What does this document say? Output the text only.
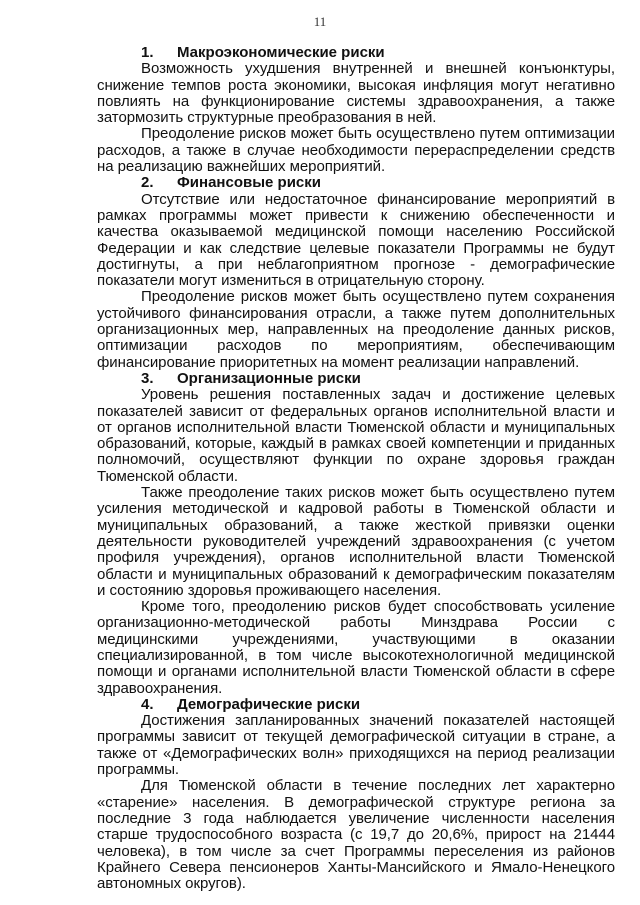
11

1. Макроэкономические риски

Возможность ухудшения внутренней и внешней конъюнктуры, снижение темпов роста экономики, высокая инфляция могут негативно повлиять на функционирование системы здравоохранения, а также затормозить структурные преобразования в ней.

Преодоление рисков может быть осуществлено путем оптимизации расходов, а также в случае необходимости перераспределении средств на реализацию важнейших мероприятий.

2. Финансовые риски

Отсутствие или недостаточное финансирование мероприятий в рамках программы может привести к снижению обеспеченности и качества оказываемой медицинской помощи населению Российской Федерации и как следствие целевые показатели Программы не будут достигнуты, а при неблагоприятном прогнозе - демографические показатели могут измениться в отрицательную сторону.

Преодоление рисков может быть осуществлено путем сохранения устойчивого финансирования отрасли, а также путем дополнительных организационных мер, направленных на преодоление данных рисков, оптимизации расходов по мероприятиям, обеспечивающим финансирование приоритетных на момент реализации направлений.

3. Организационные риски

Уровень решения поставленных задач и достижение целевых показателей зависит от федеральных органов исполнительной власти и от органов исполнительной власти Тюменской области и муниципальных образований, которые, каждый в рамках своей компетенции и приданных полномочий, осуществляют функции по охране здоровья граждан Тюменской области.

Также преодоление таких рисков может быть осуществлено путем усиления методической и кадровой работы в Тюменской области и муниципальных образований, а также жесткой привязки оценки деятельности руководителей учреждений здравоохранения (с учетом профиля учреждения), органов исполнительной власти Тюменской области и муниципальных образований к демографическим показателям и состоянию здоровья проживающего населения.

Кроме того, преодолению рисков будет способствовать усиление организационно-методической работы Минздрава России с медицинскими учреждениями, участвующими в оказании специализированной, в том числе высокотехнологичной медицинской помощи и органами исполнительной власти Тюменской области в сфере здравоохранения.

4. Демографические риски

Достижения запланированных значений показателей настоящей программы зависит от текущей демографической ситуации в стране, а также от «Демографических волн» приходящихся на период реализации программы.

Для Тюменской области в течение последних лет характерно «старение» населения. В демографической структуре региона за последние 3 года наблюдается увеличение численности населения старше трудоспособного возраста (с 19,7 до 20,6%, прирост на 21444 человека), в том числе за счет Программы переселения из районов Крайнего Севера пенсионеров Ханты-Мансийского и Ямало-Ненецкого автономных округов).
